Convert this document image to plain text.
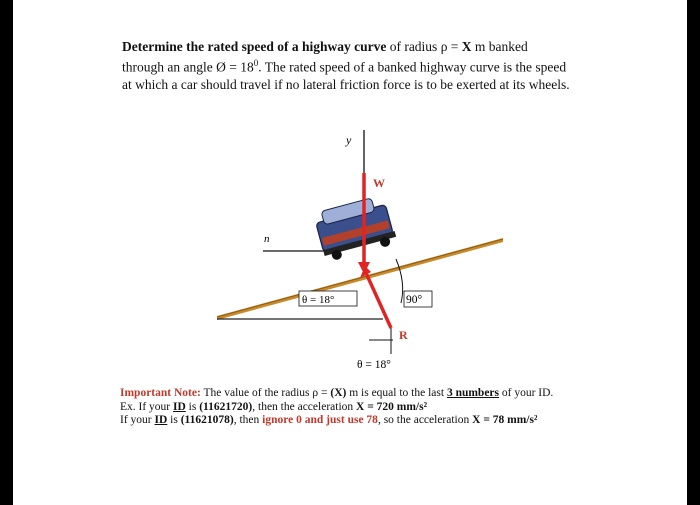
Determine the rated speed of a highway curve of radius ρ = X m banked
through an angle Ø = $18^0$. The rated speed of a banked highway curve is the speed
at which a car should travel if no lateral friction force is to be exerted at its wheels.
y
n
W
R
90°
θ = 18°
θ = 18°
Important Note: The value of the radius ρ = (X) m is equal to the last 3 numbers of your ID.
Ex. If your ID is (11621720), then the acceleration X = 720 mm/s²
If your ID is (11621078), then ignore 0 and just use 78, so the acceleration X = 78 mm/s²
